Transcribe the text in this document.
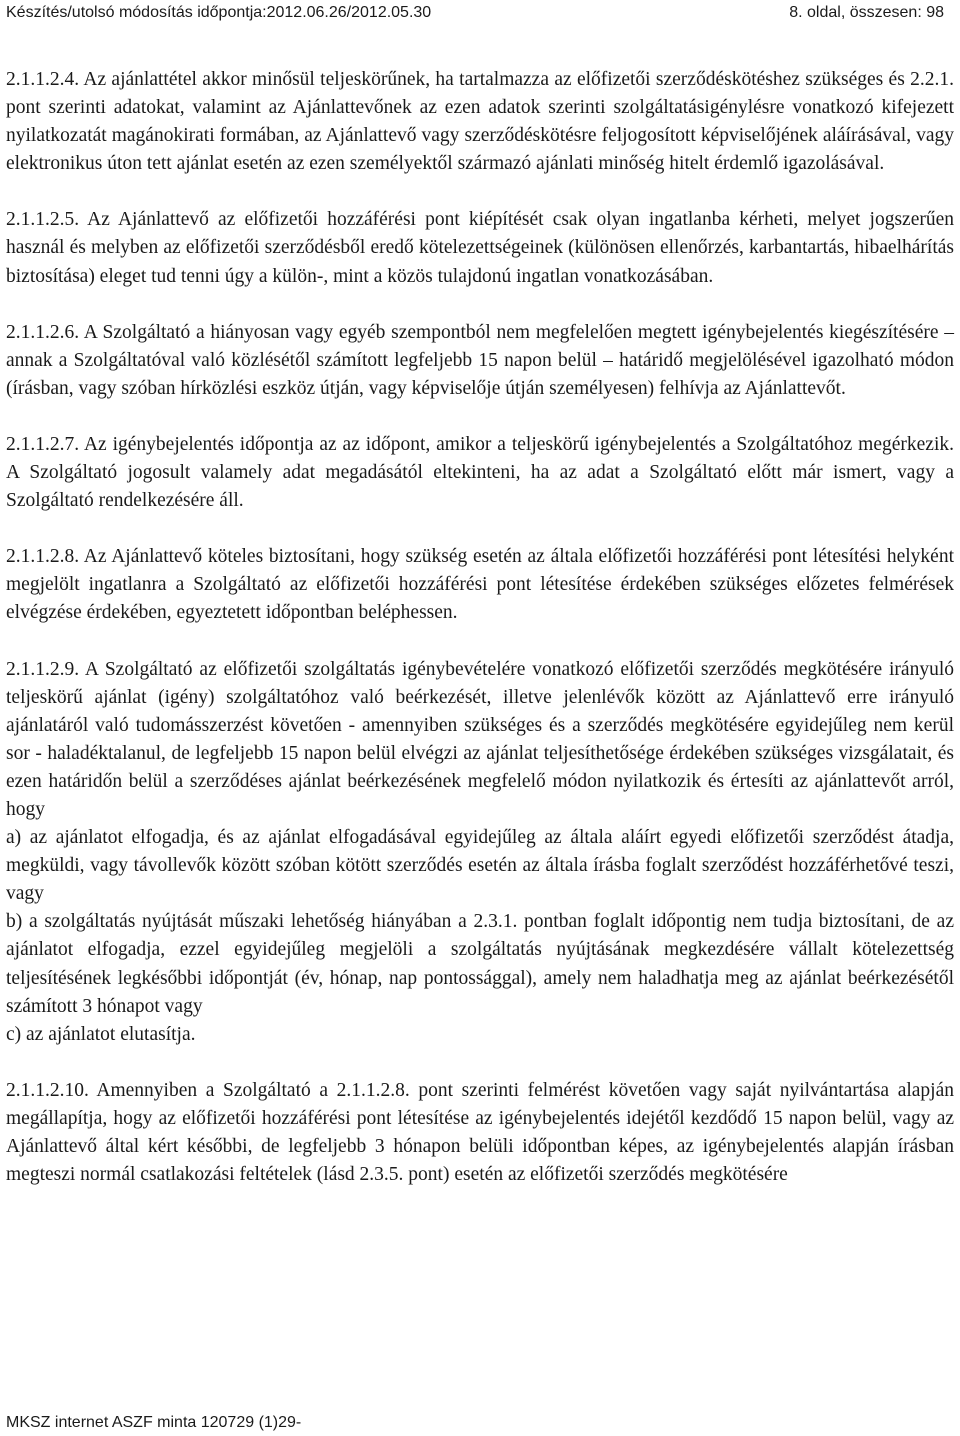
Készítés/utolsó módosítás időpontja:2012.06.26/2012.05.30	8. oldal, összesen: 98

2.1.1.2.4. Az ajánlattétel akkor minősül teljeskörűnek, ha tartalmazza az előfizetői szerződéskötéshez szükséges és 2.2.1. pont szerinti adatokat, valamint az Ajánlattevőnek az ezen adatok szerinti szolgáltatásigénylésre vonatkozó kifejezett nyilatkozatát magánokirati formában, az Ajánlattevő vagy szerződéskötésre feljogosított képviselőjének aláírásával, vagy elektronikus úton tett ajánlat esetén az ezen személyektől származó ajánlati minőség hitelt érdemlő igazolásával.

2.1.1.2.5. Az Ajánlattevő az előfizetői hozzáférési pont kiépítését csak olyan ingatlanba kérheti, melyet jogszerűen használ és melyben az előfizetői szerződésből eredő kötelezettségeinek (különösen ellenőrzés, karbantartás, hibaelhárítás biztosítása) eleget tud tenni úgy a külön-, mint a közös tulajdonú ingatlan vonatkozásában.

2.1.1.2.6. A Szolgáltató a hiányosan vagy egyéb szempontból nem megfelelően megtett igénybejelentés kiegészítésére – annak a Szolgáltatóval való közlésétől számított legfeljebb 15 napon belül – határidő megjelölésével igazolható módon (írásban, vagy szóban hírközlési eszköz útján, vagy képviselője útján személyesen) felhívja az Ajánlattevőt.

2.1.1.2.7. Az igénybejelentés időpontja az az időpont, amikor a teljeskörű igénybejelentés a Szolgáltatóhoz megérkezik. A Szolgáltató jogosult valamely adat megadásától eltekinteni, ha az adat a Szolgáltató előtt már ismert, vagy a Szolgáltató rendelkezésére áll.

2.1.1.2.8. Az Ajánlattevő köteles biztosítani, hogy szükség esetén az általa előfizetői hozzáférési pont létesítési helyként megjelölt ingatlanra a Szolgáltató az előfizetői hozzáférési pont létesítése érdekében szükséges előzetes felmérések elvégzése érdekében, egyeztetett időpontban beléphessen.

2.1.1.2.9. A Szolgáltató az előfizetői szolgáltatás igénybevételére vonatkozó előfizetői szerződés megkötésére irányuló teljeskörű ajánlat (igény) szolgáltatóhoz való beérkezését, illetve jelenlévők között az Ajánlattevő erre irányuló ajánlatáról való tudomásszerzést követően - amennyiben szükséges és a szerződés megkötésére egyidejűleg nem kerül sor - haladéktalanul, de legfeljebb 15 napon belül elvégzi az ajánlat teljesíthetősége érdekében szükséges vizsgálatait, és ezen határidőn belül a szerződéses ajánlat beérkezésének megfelelő módon nyilatkozik és értesíti az ajánlattevőt arról, hogy

a) az ajánlatot elfogadja, és az ajánlat elfogadásával egyidejűleg az általa aláírt egyedi előfizetői szerződést átadja, megküldi, vagy távollevők között szóban kötött szerződés esetén az általa írásba foglalt szerződést hozzáférhetővé teszi, vagy

b) a szolgáltatás nyújtását műszaki lehetőség hiányában a 2.3.1. pontban foglalt időpontig nem tudja biztosítani, de az ajánlatot elfogadja, ezzel egyidejűleg megjelöli a szolgáltatás nyújtásának megkezdésére vállalt kötelezettség teljesítésének legkésőbbi időpontját (év, hónap, nap pontossággal), amely nem haladhatja meg az ajánlat beérkezésétől számított 3 hónapot vagy

c) az ajánlatot elutasítja.

2.1.1.2.10. Amennyiben a Szolgáltató a 2.1.1.2.8. pont szerinti felmérést követően vagy saját nyilvántartása alapján megállapítja, hogy az előfizetői hozzáférési pont létesítése az igénybejelentés idejétől kezdődő 15 napon belül, vagy az Ajánlattevő által kért későbbi, de legfeljebb 3 hónapon belüli időpontban képes, az igénybejelentés alapján írásban megteszi normál csatlakozási feltételek (lásd 2.3.5. pont) esetén az előfizetői szerződés megkötésére

MKSZ internet ASZF minta 120729 (1)29-
